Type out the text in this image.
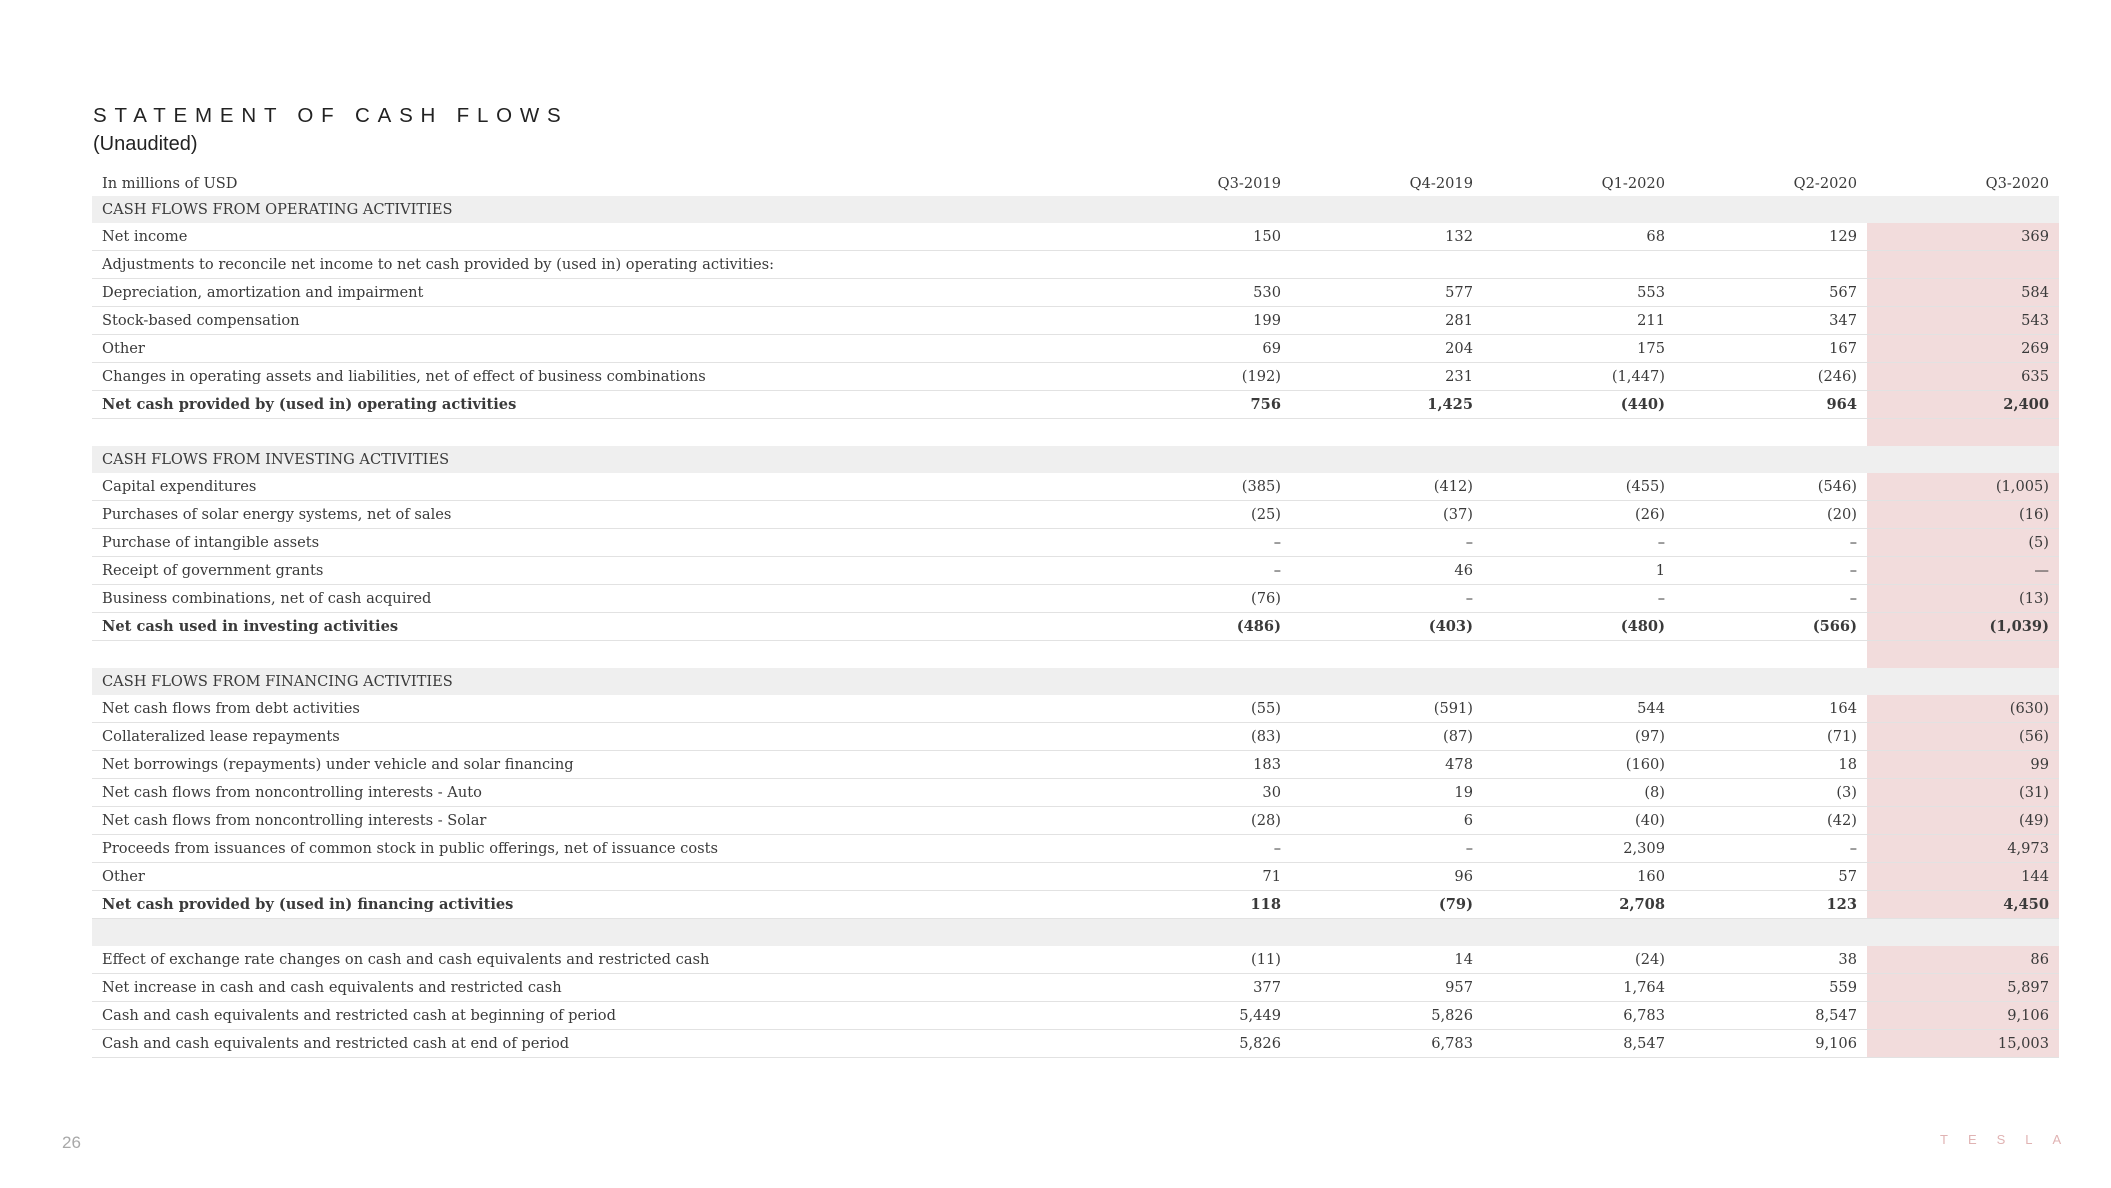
STATEMENT OF CASH FLOWS
(Unaudited)
In millions of USD	Q3-2019	Q4-2019	Q1-2020	Q2-2020	Q3-2020
CASH FLOWS FROM OPERATING ACTIVITIES					
Net income	150	132	68	129	369
Adjustments to reconcile net income to net cash provided by (used in) operating activities:					
Depreciation, amortization and impairment	530	577	553	567	584
Stock-based compensation	199	281	211	347	543
Other	69	204	175	167	269
Changes in operating assets and liabilities, net of effect of business combinations	(192)	231	(1,447)	(246)	635
Net cash provided by (used in) operating activities	756	1,425	(440)	964	2,400

CASH FLOWS FROM INVESTING ACTIVITIES					
Capital expenditures	(385)	(412)	(455)	(546)	(1,005)
Purchases of solar energy systems, net of sales	(25)	(37)	(26)	(20)	(16)
Purchase of intangible assets	–	–	–	–	(5)
Receipt of government grants	–	46	1	–	—
Business combinations, net of cash acquired	(76)	–	–	–	(13)
Net cash used in investing activities	(486)	(403)	(480)	(566)	(1,039)

CASH FLOWS FROM FINANCING ACTIVITIES					
Net cash flows from debt activities	(55)	(591)	544	164	(630)
Collateralized lease repayments	(83)	(87)	(97)	(71)	(56)
Net borrowings (repayments) under vehicle and solar financing	183	478	(160)	18	99
Net cash flows from noncontrolling interests - Auto	30	19	(8)	(3)	(31)
Net cash flows from noncontrolling interests - Solar	(28)	6	(40)	(42)	(49)
Proceeds from issuances of common stock in public offerings, net of issuance costs	–	–	2,309	–	4,973
Other	71	96	160	57	144
Net cash provided by (used in) financing activities	118	(79)	2,708	123	4,450

Effect of exchange rate changes on cash and cash equivalents and restricted cash	(11)	14	(24)	38	86
Net increase in cash and cash equivalents and restricted cash	377	957	1,764	559	5,897
Cash and cash equivalents and restricted cash at beginning of period	5,449	5,826	6,783	8,547	9,106
Cash and cash equivalents and restricted cash at end of period	5,826	6,783	8,547	9,106	15,003
26	TESLA
